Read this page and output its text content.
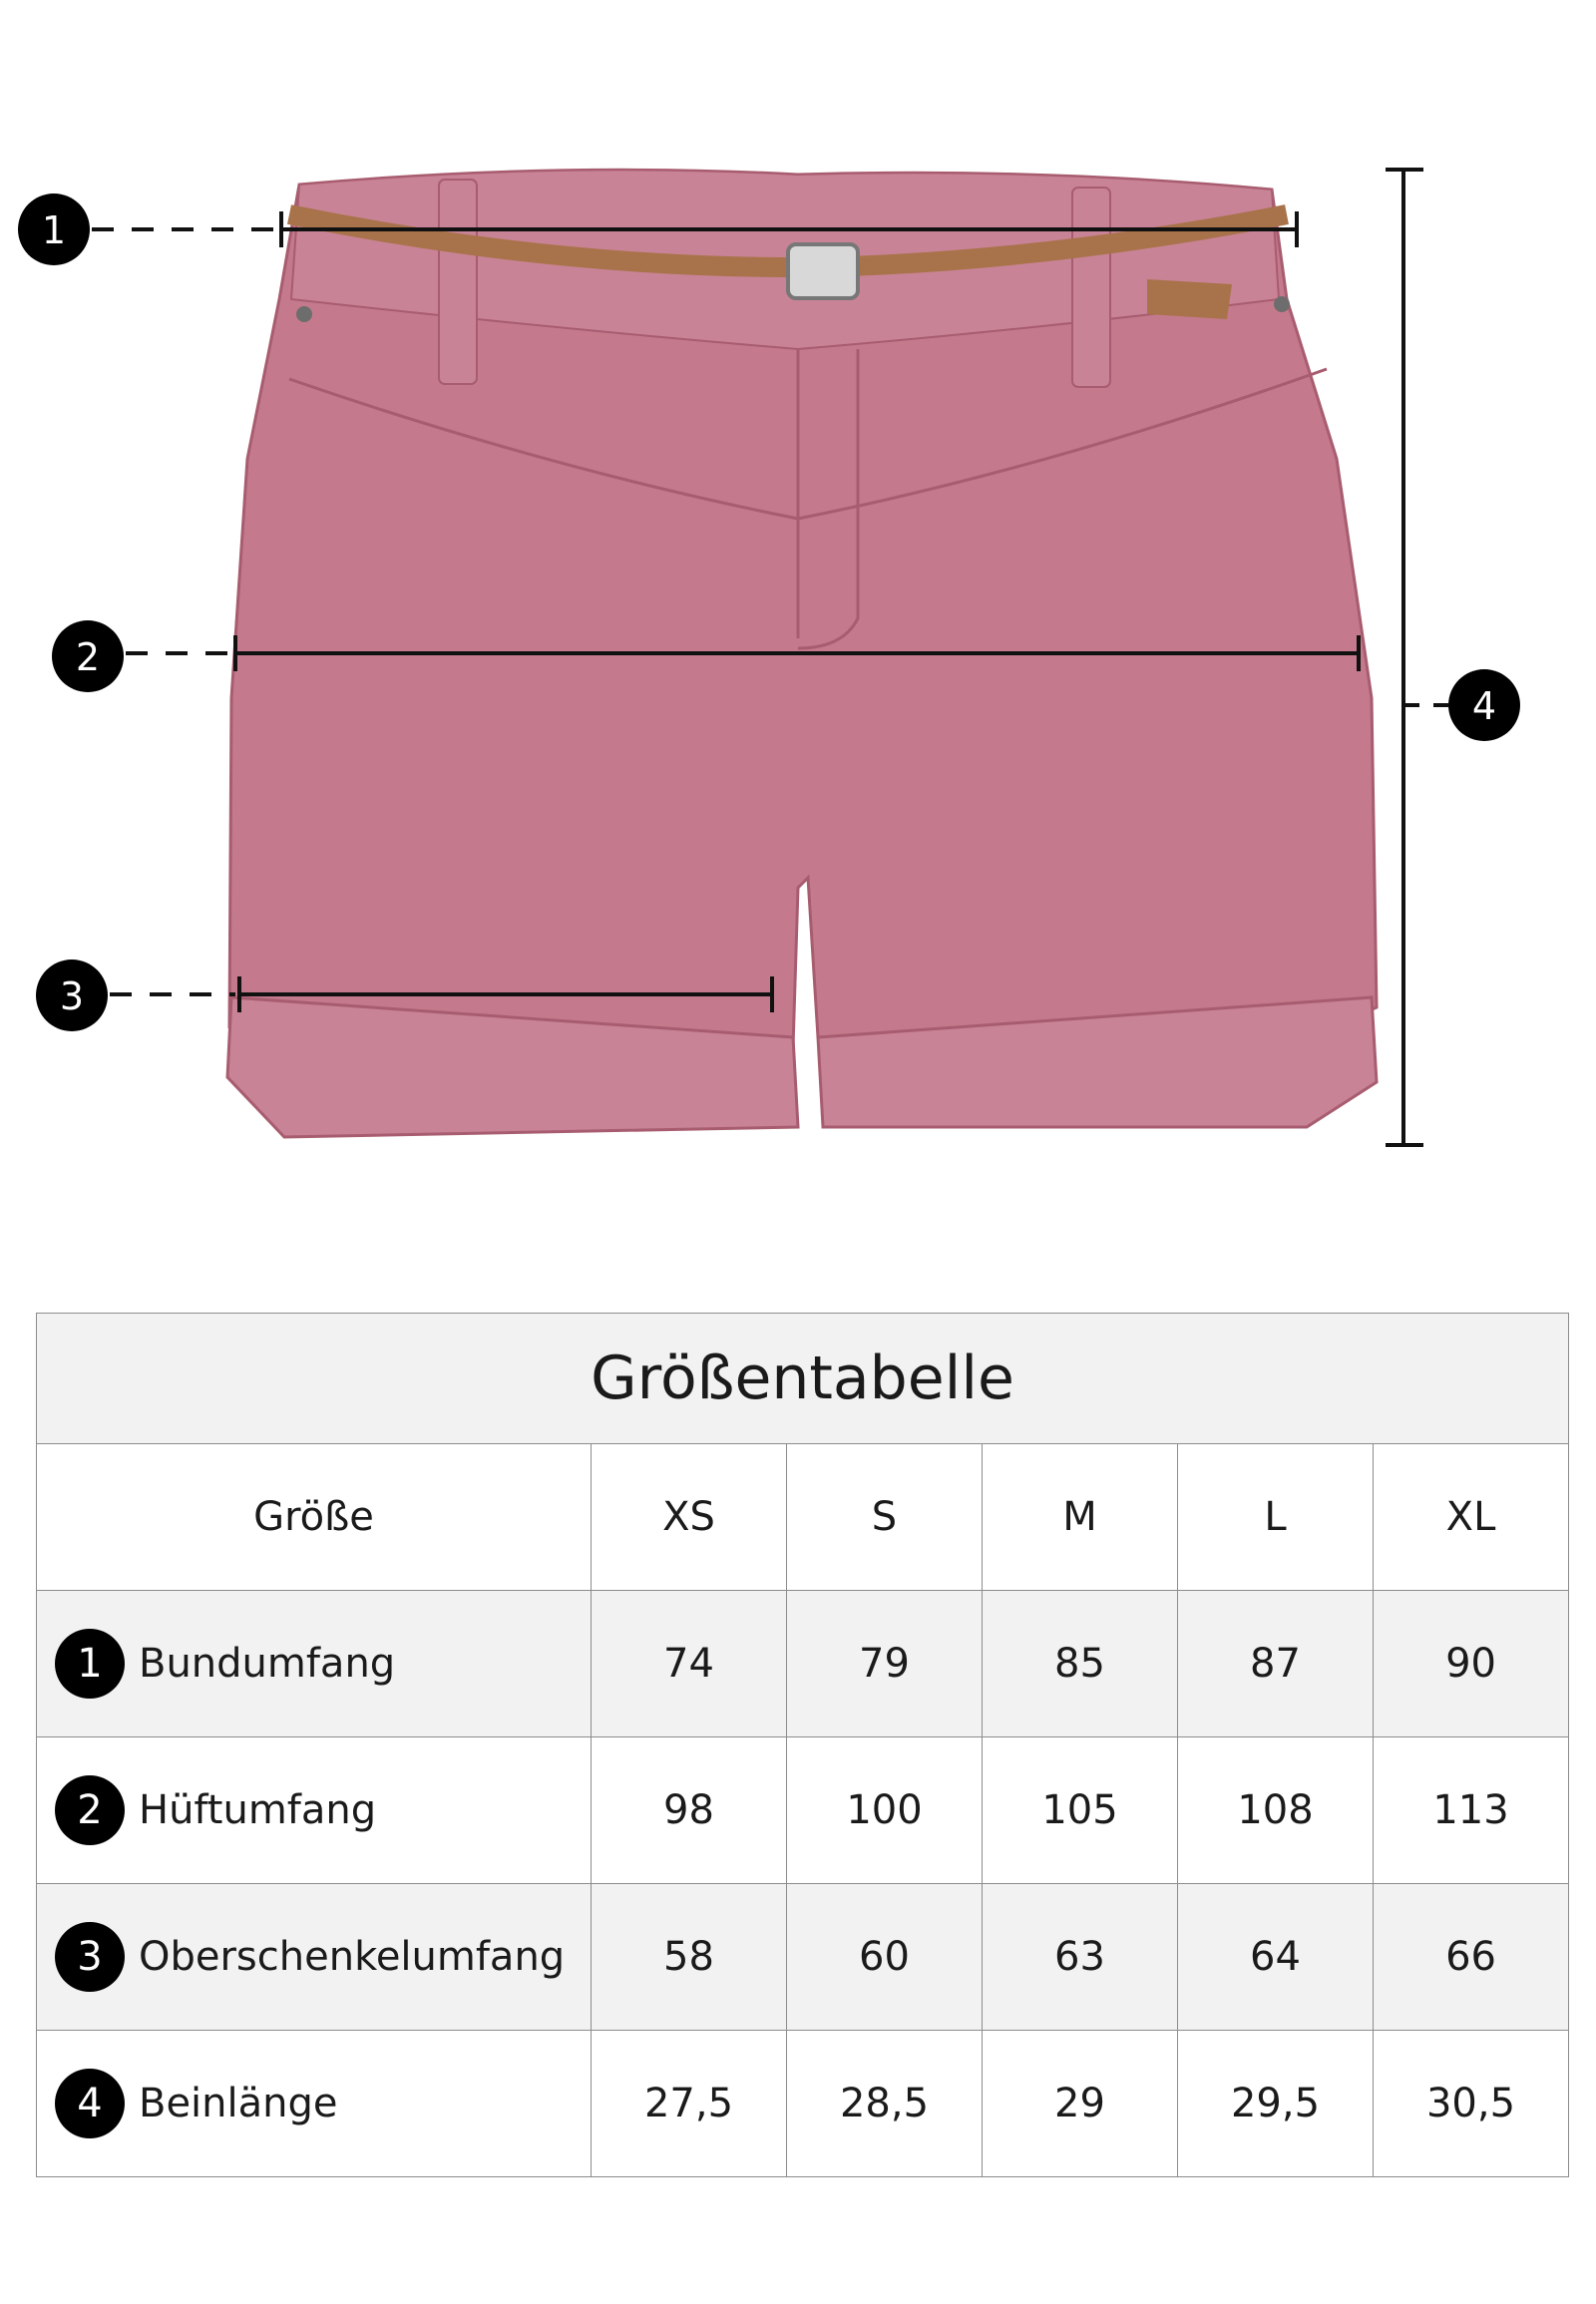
1
2
3
4
Größentabelle					
Größe	XS	S	M	L	XL
1 Bundumfang	74	79	85	87	90
2 Hüftumfang	98	100	105	108	113
3 Oberschenkelumfang	58	60	63	64	66
4 Beinlänge	27,5	28,5	29	29,5	30,5
